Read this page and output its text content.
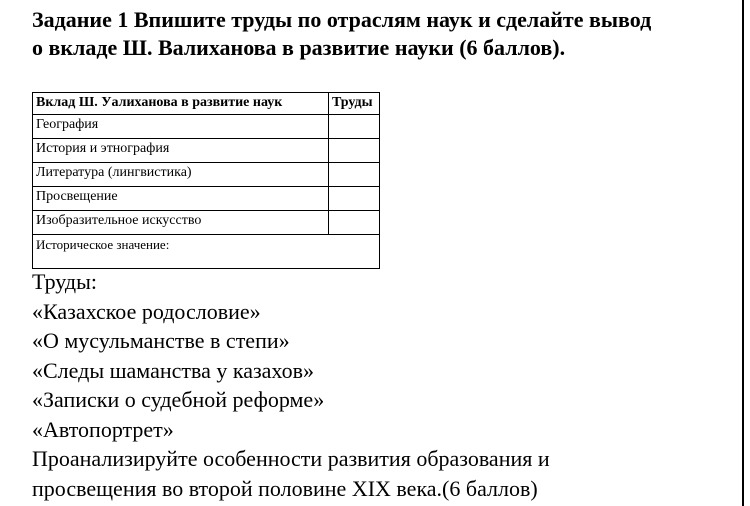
Задание 1 Впишите труды по отраслям наук и сделайте вывод
о вкладе Ш. Валиханова в развитие науки (6 баллов).
Вклад Ш. Уалиханова в развитие наук	Труды
География	
История и этнография	
Литература (лингвистика)	
Просвещение	
Изобразительное искусство	
Историческое значение:	
Труды:
«Казахское родословие»
«О мусульманстве в степи»
«Следы шаманства у казахов»
«Записки о судебной реформе»
«Автопортрет»
Проанализируйте особенности развития образования и
просвещения во второй половине XIX века.(6 баллов)
